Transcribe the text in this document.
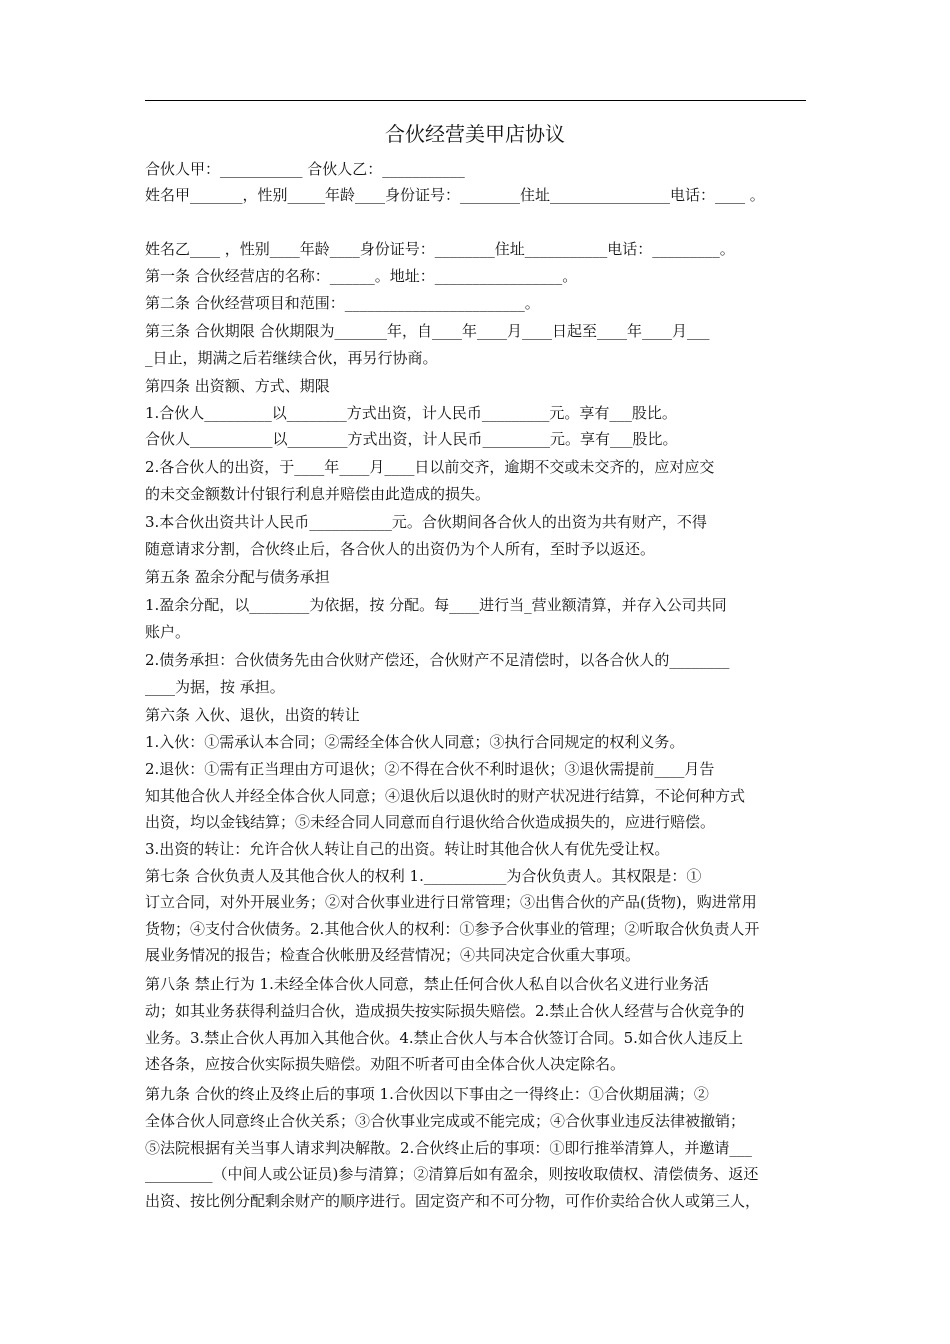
合伙经营美甲店协议
合伙人甲：___________ 合伙人乙：___________
姓名甲_______，性别_____年龄____身份证号：________住址________________电话：____ 。
姓名乙____ ，性别____年龄____身份证号：________住址___________电话：_________。
第一条 合伙经营店的名称：______。地址：_________________。
第二条 合伙经营项目和范围：________________________。
第三条 合伙期限 合伙期限为_______年，自____年____月____日起至____年____月___
_日止，期满之后若继续合伙，再另行协商。
第四条 出资额、方式、期限
1.合伙人_________以________方式出资，计人民币_________元。享有___股比。
合伙人___________以________方式出资，计人民币_________元。享有___股比。
2.各合伙人的出资，于____年____月____日以前交齐，逾期不交或未交齐的，应对应交
的未交金额数计付银行利息并赔偿由此造成的损失。
3.本合伙出资共计人民币___________元。合伙期间各合伙人的出资为共有财产，不得
随意请求分割，合伙终止后，各合伙人的出资仍为个人所有，至时予以返还。
第五条 盈余分配与债务承担
1.盈余分配，以________为依据，按 分配。每____进行当_营业额清算，并存入公司共同
账户。
2.债务承担：合伙债务先由合伙财产偿还，合伙财产不足清偿时，以各合伙人的________
____为据，按 承担。
第六条 入伙、退伙，出资的转让
1.入伙：①需承认本合同；②需经全体合伙人同意；③执行合同规定的权利义务。
2.退伙：①需有正当理由方可退伙；②不得在合伙不利时退伙；③退伙需提前____月告
知其他合伙人并经全体合伙人同意；④退伙后以退伙时的财产状况进行结算，不论何种方式
出资，均以金钱结算；⑤未经合同人同意而自行退伙给合伙造成损失的，应进行赔偿。
3.出资的转让：允许合伙人转让自己的出资。转让时其他合伙人有优先受让权。
第七条 合伙负责人及其他合伙人的权利 1.___________为合伙负责人。其权限是：①
订立合同，对外开展业务；②对合伙事业进行日常管理；③出售合伙的产品(货物)，购进常用
货物；④支付合伙债务。2.其他合伙人的权利：①参予合伙事业的管理；②听取合伙负责人开
展业务情况的报告；检查合伙帐册及经营情况；④共同决定合伙重大事项。
第八条 禁止行为 1.未经全体合伙人同意，禁止任何合伙人私自以合伙名义进行业务活
动；如其业务获得利益归合伙，造成损失按实际损失赔偿。2.禁止合伙人经营与合伙竞争的
业务。3.禁止合伙人再加入其他合伙。4.禁止合伙人与本合伙签订合同。5.如合伙人违反上
述各条，应按合伙实际损失赔偿。劝阻不听者可由全体合伙人决定除名。
第九条 合伙的终止及终止后的事项 1.合伙因以下事由之一得终止：①合伙期届满；②
全体合伙人同意终止合伙关系；③合伙事业完成或不能完成；④合伙事业违反法律被撤销；
⑤法院根据有关当事人请求判决解散。2.合伙终止后的事项：①即行推举清算人，并邀请___
_________（中间人或公证员)参与清算；②清算后如有盈余，则按收取债权、清偿债务、返还
出资、按比例分配剩余财产的顺序进行。固定资产和不可分物，可作价卖给合伙人或第三人，
